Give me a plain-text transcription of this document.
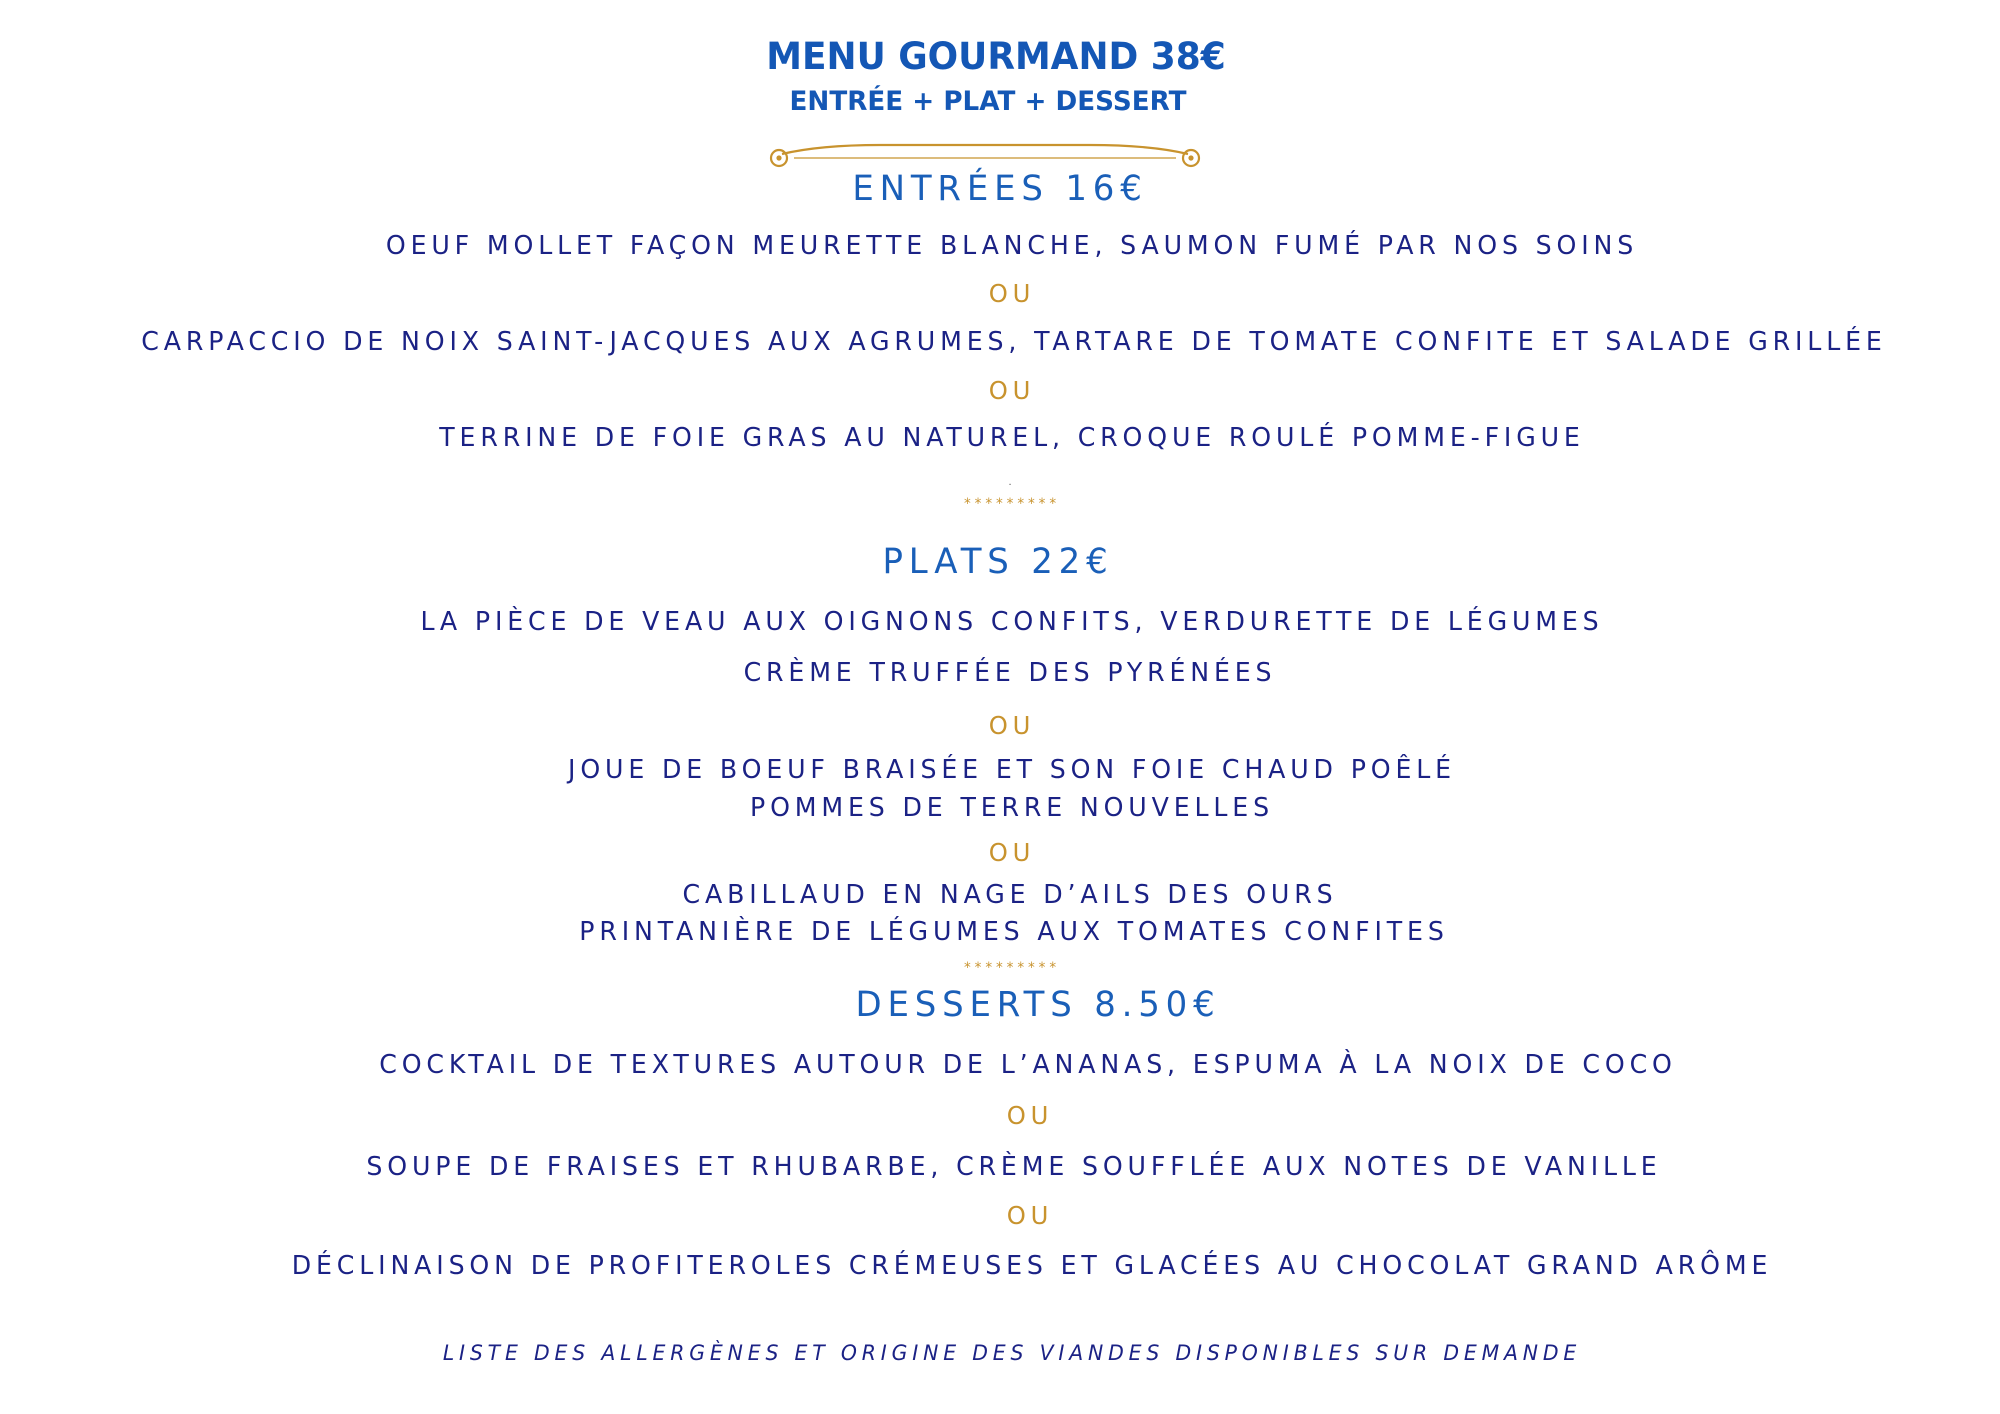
MENU GOURMAND 38€
ENTRÉE + PLAT + DESSERT
ENTRÉES 16€
OEUF MOLLET FAÇON MEURETTE BLANCHE, SAUMON FUMÉ PAR NOS SOINS
OU
CARPACCIO DE NOIX SAINT-JACQUES AUX AGRUMES, TARTARE DE TOMATE CONFITE ET SALADE GRILLÉE
OU
TERRINE DE FOIE GRAS AU NATUREL, CROQUE ROULÉ POMME-FIGUE
.
*********
PLATS 22€
LA PIÈCE DE VEAU AUX OIGNONS CONFITS, VERDURETTE DE LÉGUMES
CRÈME TRUFFÉE DES PYRÉNÉES
OU
JOUE DE BOEUF BRAISÉE ET SON FOIE CHAUD POÊLÉ
POMMES DE TERRE NOUVELLES
OU
CABILLAUD EN NAGE D’AILS DES OURS
PRINTANIÈRE DE LÉGUMES AUX TOMATES CONFITES
*********
DESSERTS 8.50€
COCKTAIL DE TEXTURES AUTOUR DE L’ANANAS, ESPUMA À LA NOIX DE COCO
OU
SOUPE DE FRAISES ET RHUBARBE, CRÈME SOUFFLÉE AUX NOTES DE VANILLE
OU
DÉCLINAISON DE PROFITEROLES CRÉMEUSES ET GLACÉES AU CHOCOLAT GRAND ARÔME
LISTE DES ALLERGÈNES ET ORIGINE DES VIANDES DISPONIBLES SUR DEMANDE
